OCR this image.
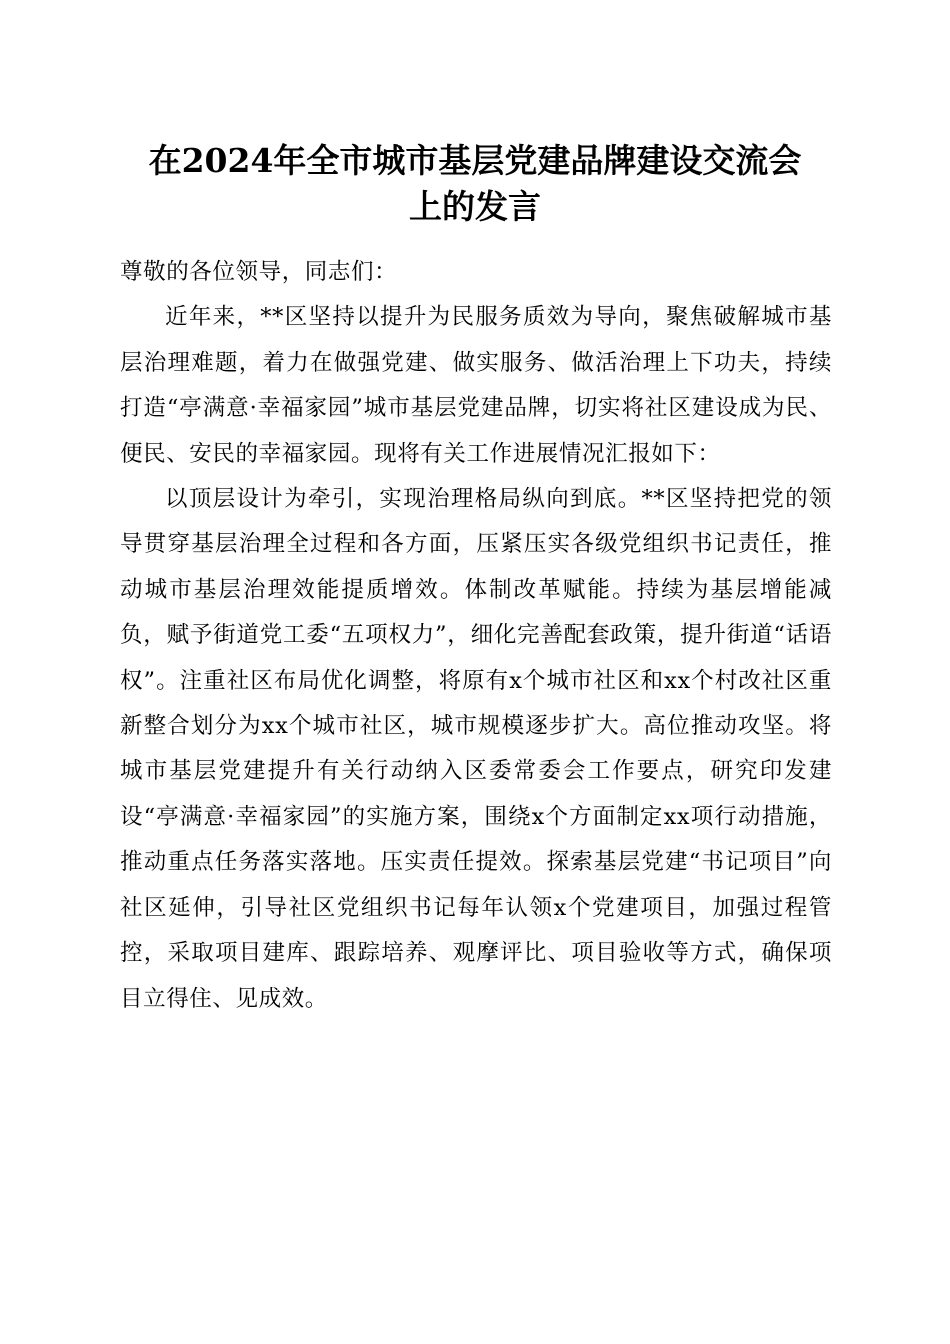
在2024年全市城市基层党建品牌建设交流会
上的发言

尊敬的各位领导，同志们：

近年来，**区坚持以提升为民服务质效为导向，聚焦破解城市基层治理难题，着力在做强党建、做实服务、做活治理上下功夫，持续打造“亭满意·幸福家园”城市基层党建品牌，切实将社区建设成为民、便民、安民的幸福家园。现将有关工作进展情况汇报如下：

以顶层设计为牵引，实现治理格局纵向到底。**区坚持把党的领导贯穿基层治理全过程和各方面，压紧压实各级党组织书记责任，推动城市基层治理效能提质增效。体制改革赋能。持续为基层增能减负，赋予街道党工委“五项权力”，细化完善配套政策，提升街道“话语权”。注重社区布局优化调整，将原有x个城市社区和xx个村改社区重新整合划分为xx个城市社区，城市规模逐步扩大。高位推动攻坚。将城市基层党建提升有关行动纳入区委常委会工作要点，研究印发建设“亭满意·幸福家园”的实施方案，围绕x个方面制定xx项行动措施，推动重点任务落实落地。压实责任提效。探索基层党建“书记项目”向社区延伸，引导社区党组织书记每年认领x个党建项目，加强过程管控，采取项目建库、跟踪培养、观摩评比、项目验收等方式，确保项目立得住、见成效。
